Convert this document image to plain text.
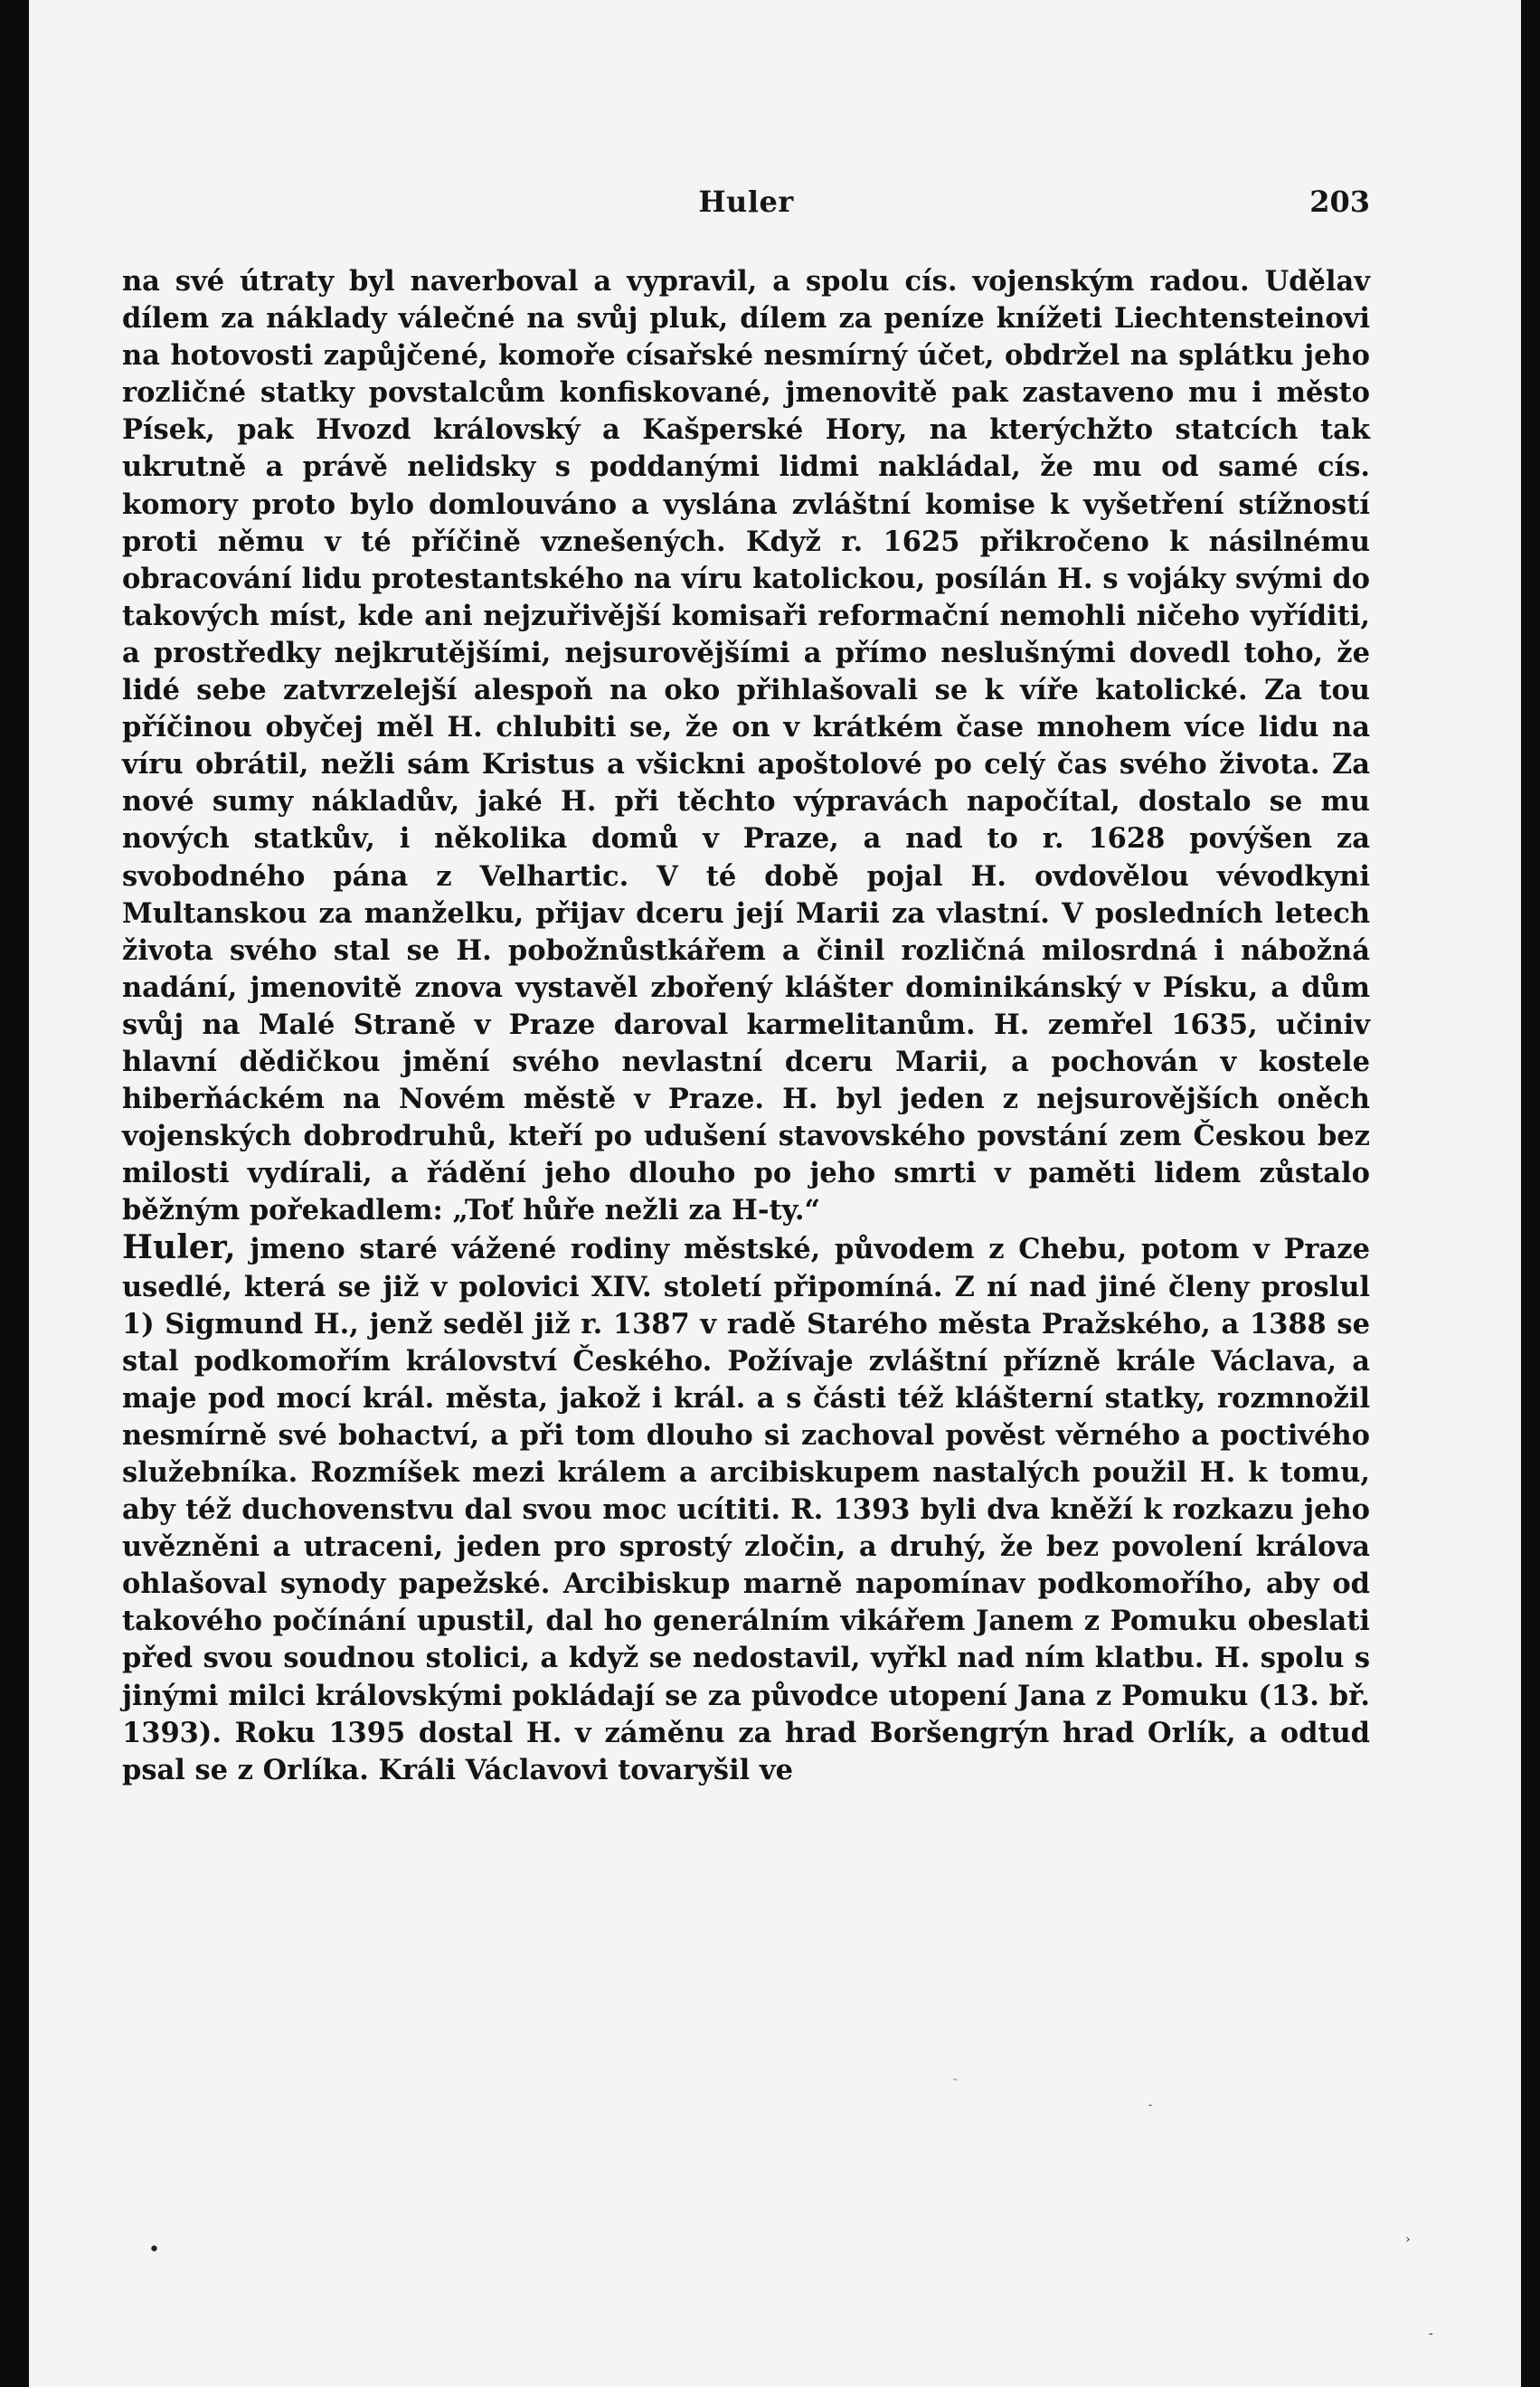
Huler	203

na své útraty byl naverboval a vypravil, a spolu cís. vojenským radou. Udělav dílem za náklady válečné na svůj pluk, dílem za peníze knížeti Liechtensteinovi na hotovosti zapůjčené, komoře císařské nesmírný účet, obdržel na splátku jeho rozličné statky povstalcům konfiskované, jmenovitě pak zastaveno mu i město Písek, pak Hvozd královský a Kašperské Hory, na kterýchžto statcích tak ukrutně a právě nelidsky s poddanými lidmi nakládal, že mu od samé cís. komory proto bylo domlouváno a vyslána zvláštní komise k vyšetření stížností proti němu v té příčině vznešených. Když r. 1625 přikročeno k násilnému obracování lidu protestantského na víru katolickou, posílán H. s vojáky svými do takových míst, kde ani nejzuřivější komisaři reformační nemohli ničeho vyříditi, a prostředky nejkrutějšími, nejsurovějšími a přímo neslušnými dovedl toho, že lidé sebe zatvrzelejší alespoň na oko přihlašovali se k víře katolické. Za tou příčinou obyčej měl H. chlubiti se, že on v krátkém čase mnohem více lidu na víru obrátil, nežli sám Kristus a všickni apoštolové po celý čas svého života. Za nové sumy nákladův, jaké H. při těchto výpravách napočítal, dostalo se mu nových statkův, i několika domů v Praze, a nad to r. 1628 povýšen za svobodného pána z Velhartic. V té době pojal H. ovdovělou vévodkyni Multanskou za manželku, přijav dceru její Marii za vlastní. V posledních letech života svého stal se H. pobožnůstkářem a činil rozličná milosrdná i nábožná nadání, jmenovitě znova vystavěl zbořený klášter dominikánský v Písku, a dům svůj na Malé Straně v Praze daroval karmelitanům. H. zemřel 1635, učiniv hlavní dědičkou jmění svého nevlastní dceru Marii, a pochován v kostele hiberňáckém na Novém městě v Praze. H. byl jeden z nejsurovějších oněch vojenských dobrodruhů, kteří po udušení stavovského povstání zem Českou bez milosti vydírali, a řádění jeho dlouho po jeho smrti v paměti lidem zůstalo běžným pořekadlem: „Toť hůře nežli za H-ty.“

Huler, jmeno staré vážené rodiny městské, původem z Chebu, potom v Praze usedlé, která se již v polovici XIV. století připomíná. Z ní nad jiné členy proslul 1) Sigmund H., jenž seděl již r. 1387 v radě Starého města Pražského, a 1388 se stal podkomořím království Českého. Požívaje zvláštní přízně krále Václava, a maje pod mocí král. města, jakož i král. a s části též klášterní statky, rozmnožil nesmírně své bohactví, a při tom dlouho si zachoval pověst věrného a poctivého služebníka. Rozmíšek mezi králem a arcibiskupem nastalých použil H. k tomu, aby též duchovenstvu dal svou moc ucítiti. R. 1393 byli dva kněží k rozkazu jeho uvězněni a utraceni, jeden pro sprostý zločin, a druhý, že bez povolení králova ohlašoval synody papežské. Arcibiskup marně napomínav podkomořího, aby od takového počínání upustil, dal ho generálním vikářem Janem z Pomuku obeslati před svou soudnou stolici, a když se nedostavil, vyřkl nad ním klatbu. H. spolu s jinými milci královskými pokládají se za původce utopení Jana z Pomuku (13. bř. 1393). Roku 1395 dostal H. v záměnu za hrad Boršengrýn hrad Orlík, a odtud psal se z Orlíka. Králi Václavovi tovaryšil ve

•	›
ᵕ
-
-
